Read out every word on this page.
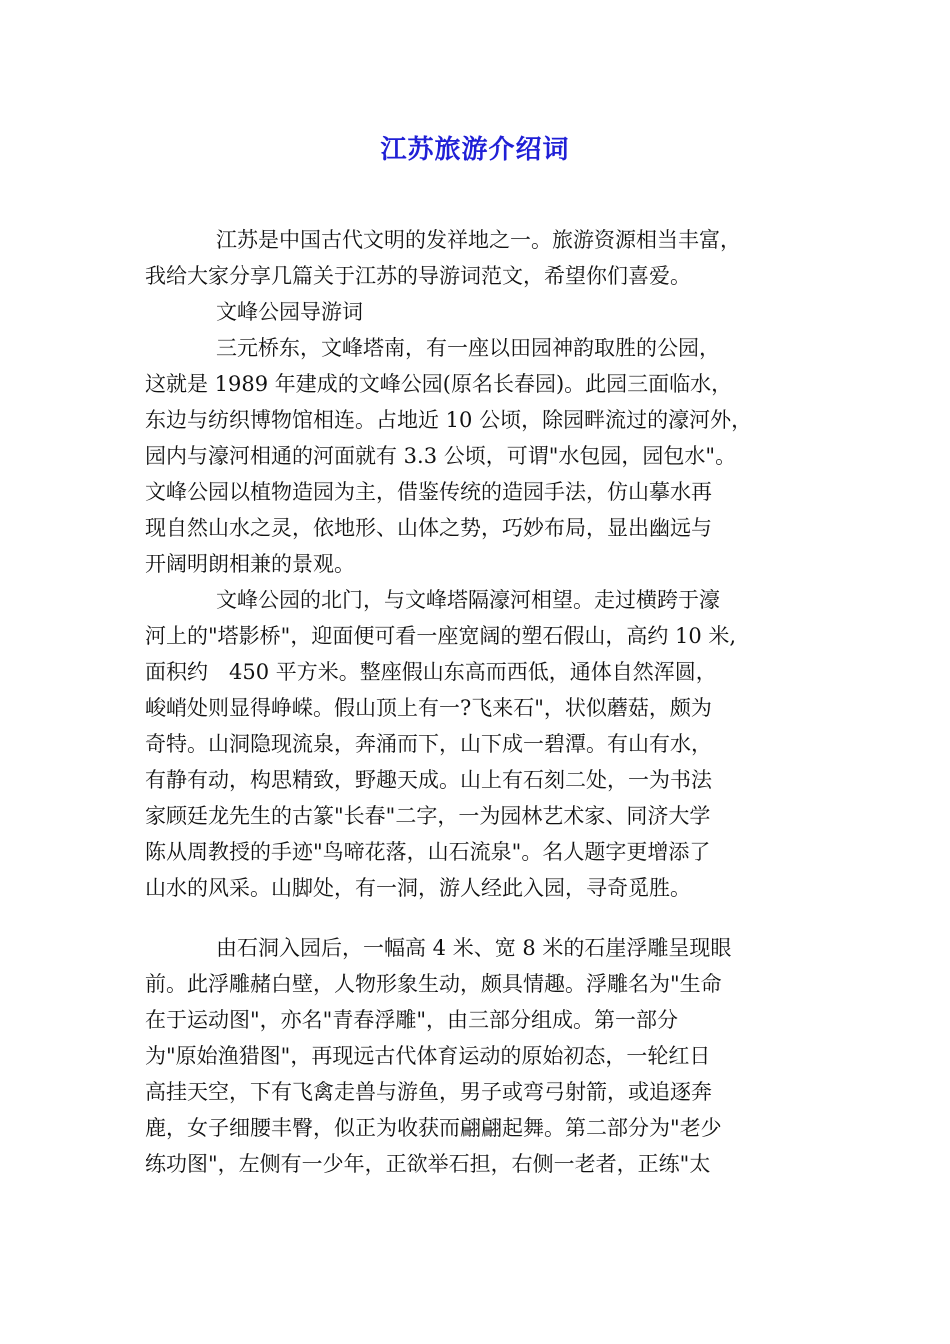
江苏旅游介绍词
江苏是中国古代文明的发祥地之一。旅游资源相当丰富，
我给大家分享几篇关于江苏的导游词范文，希望你们喜爱。
文峰公园导游词
三元桥东，文峰塔南，有一座以田园神韵取胜的公园，
这就是 1989 年建成的文峰公园(原名长春园)。此园三面临水，
东边与纺织博物馆相连。占地近 10 公顷，除园畔流过的濠河外，
园内与濠河相通的河面就有 3.3 公顷，可谓"水包园，园包水"。
文峰公园以植物造园为主，借鉴传统的造园手法，仿山摹水再
现自然山水之灵，依地形、山体之势，巧妙布局，显出幽远与
开阔明朗相兼的景观。
文峰公园的北门，与文峰塔隔濠河相望。走过横跨于濠
河上的"塔影桥"，迎面便可看一座宽阔的塑石假山，高约 10 米,
面积约　450 平方米。整座假山东高而西低，通体自然浑圆，
峻峭处则显得峥嵘。假山顶上有一?飞来石"，状似蘑菇，颇为
奇特。山洞隐现流泉，奔涌而下，山下成一碧潭。有山有水，
有静有动，构思精致，野趣天成。山上有石刻二处，一为书法
家顾廷龙先生的古篆"长春"二字，一为园林艺术家、同济大学
陈从周教授的手迹"鸟啼花落，山石流泉"。名人题字更增添了
山水的风采。山脚处，有一洞，游人经此入园，寻奇觅胜。
由石洞入园后，一幅高 4 米、宽 8 米的石崖浮雕呈现眼
前。此浮雕赭白壁，人物形象生动，颇具情趣。浮雕名为"生命
在于运动图"，亦名"青春浮雕"，由三部分组成。第一部分
为"原始渔猎图"，再现远古代体育运动的原始初态，一轮红日
高挂天空，下有飞禽走兽与游鱼，男子或弯弓射箭，或追逐奔
鹿，女子细腰丰臀，似正为收获而翩翩起舞。第二部分为"老少
练功图"，左侧有一少年，正欲举石担，右侧一老者，正练"太
